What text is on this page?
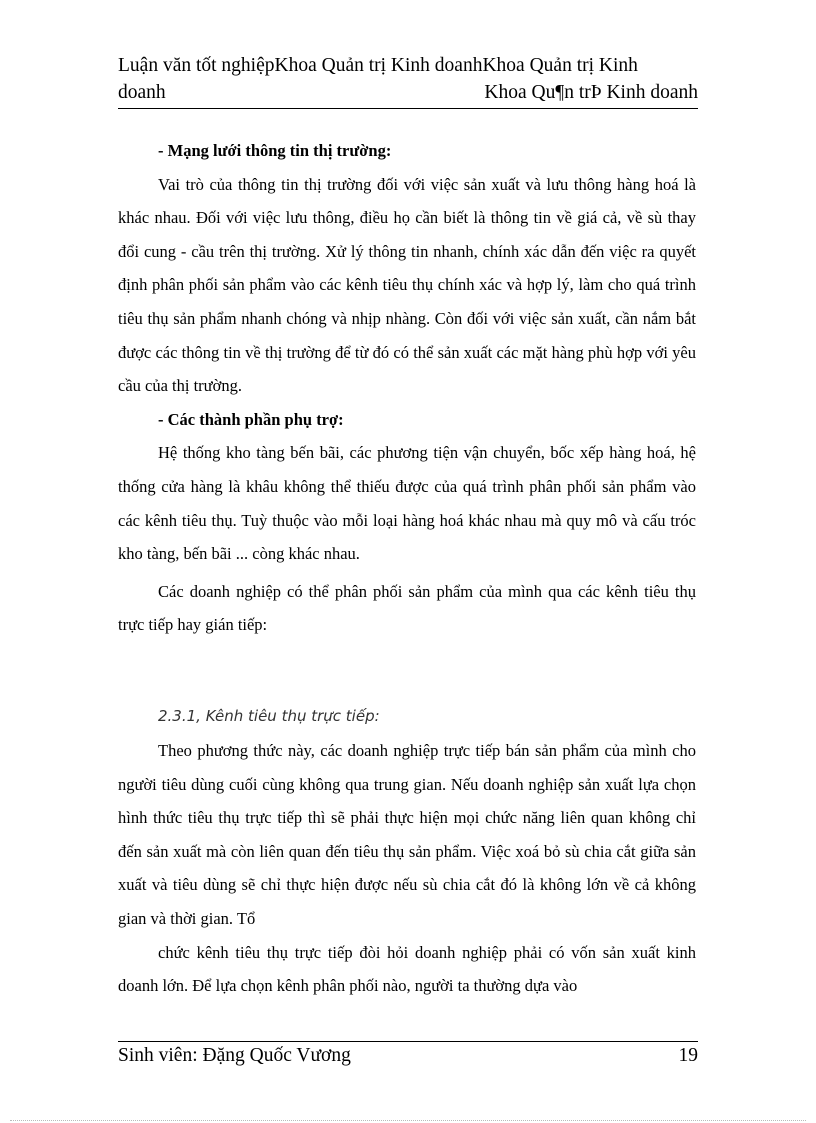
Luận văn tốt nghiệpKhoa Quản trị Kinh doanhKhoa Quản trị Kinh
doanh	Khoa Qu¶n trÞ Kinh doanh

- Mạng lưới thông tin thị trường:

Vai trò của thông tin thị trường đối với việc sản xuất và lưu thông hàng hoá là khác nhau. Đối với việc lưu thông, điều họ cần biết là thông tin về giá cả, về sù thay đổi cung - cầu trên thị trường. Xử lý thông tin nhanh, chính xác dẫn đến việc ra quyết định phân phối sản phẩm vào các kênh tiêu thụ chính xác và hợp lý, làm cho quá trình tiêu thụ sản phẩm nhanh chóng và nhịp nhàng. Còn đối với việc sản xuất, cần nắm bắt được các thông tin về thị trường để từ đó có thể sản xuất các mặt hàng phù hợp với yêu cầu của thị trường.

- Các thành phần phụ trợ:

Hệ thống kho tàng bến bãi, các phương tiện vận chuyển, bốc xếp hàng hoá, hệ thống cửa hàng là khâu không thể thiếu được của quá trình phân phối sản phẩm vào các kênh tiêu thụ. Tuỳ thuộc vào mỗi loại hàng hoá khác nhau mà quy mô và cấu tróc kho tàng, bến bãi ... còng khác nhau.

Các doanh nghiệp có thể phân phối sản phẩm của mình qua các kênh tiêu thụ trực tiếp hay gián tiếp:

2.3.1, Kênh tiêu thụ trực tiếp:

Theo phương thức này, các doanh nghiệp trực tiếp bán sản phẩm của mình cho người tiêu dùng cuối cùng không qua trung gian. Nếu doanh nghiệp sản xuất lựa chọn hình thức tiêu thụ trực tiếp thì sẽ phải thực hiện mọi chức năng liên quan không chỉ đến sản xuất mà còn liên quan đến tiêu thụ sản phẩm. Việc xoá bỏ sù chia cắt giữa sản xuất và tiêu dùng sẽ chỉ thực hiện được nếu sù chia cắt đó là không lớn về cả không gian và thời gian. Tổ

chức kênh tiêu thụ trực tiếp đòi hỏi doanh nghiệp phải có vốn sản xuất kinh doanh lớn. Để lựa chọn kênh phân phối nào, người ta thường dựa vào

Sinh viên: Đặng Quốc Vương	19
